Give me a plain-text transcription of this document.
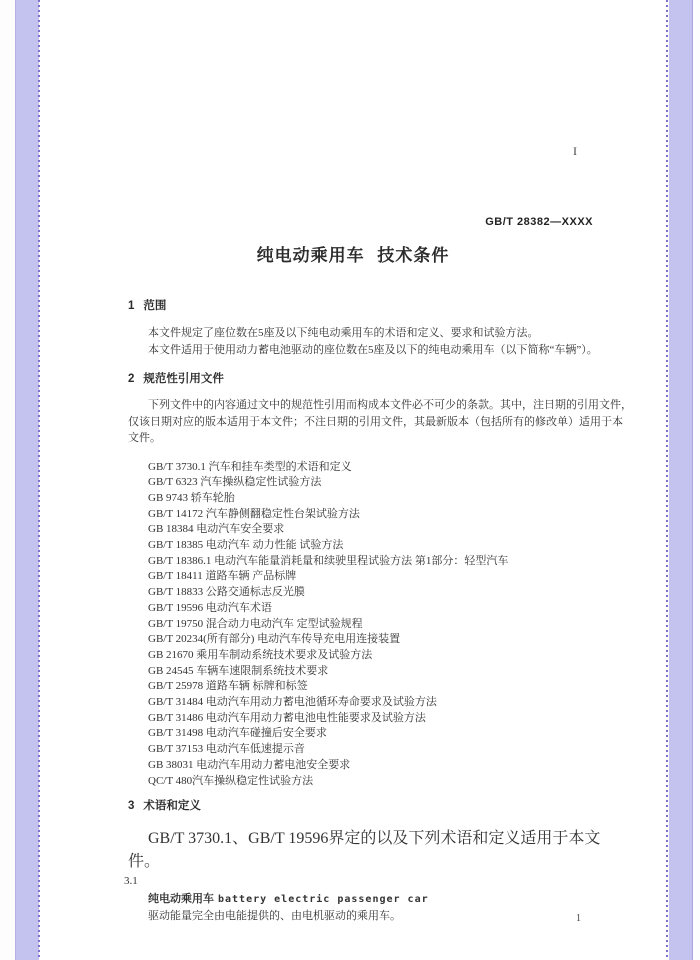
I
GB/T 28382—XXXX
纯电动乘用车 技术条件
1 范围
本文件规定了座位数在5座及以下纯电动乘用车的术语和定义、要求和试验方法。
本文件适用于使用动力蓄电池驱动的座位数在5座及以下的纯电动乘用车（以下简称“车辆”）。
2 规范性引用文件
下列文件中的内容通过文中的规范性引用而构成本文件必不可少的条款。其中，注日期的引用文件，
仅该日期对应的版本适用于本文件；不注日期的引用文件，其最新版本（包括所有的修改单）适用于本
文件。
GB/T 3730.1 汽车和挂车类型的术语和定义
GB/T 6323 汽车操纵稳定性试验方法
GB 9743 轿车轮胎
GB/T 14172 汽车静侧翻稳定性台架试验方法
GB 18384 电动汽车安全要求
GB/T 18385 电动汽车 动力性能 试验方法
GB/T 18386.1 电动汽车能量消耗量和续驶里程试验方法 第1部分：轻型汽车
GB/T 18411 道路车辆 产品标牌
GB/T 18833 公路交通标志反光膜
GB/T 19596 电动汽车术语
GB/T 19750 混合动力电动汽车 定型试验规程
GB/T 20234(所有部分) 电动汽车传导充电用连接装置
GB 21670 乘用车制动系统技术要求及试验方法
GB 24545 车辆车速限制系统技术要求
GB/T 25978 道路车辆 标牌和标签
GB/T 31484 电动汽车用动力蓄电池循环寿命要求及试验方法
GB/T 31486 电动汽车用动力蓄电池电性能要求及试验方法
GB/T 31498 电动汽车碰撞后安全要求
GB/T 37153 电动汽车低速提示音
GB 38031 电动汽车用动力蓄电池安全要求
QC/T 480汽车操纵稳定性试验方法
3 术语和定义
GB/T 3730.1、GB/T 19596界定的以及下列术语和定义适用于本文件。
3.1
纯电动乘用车 battery electric passenger car
驱动能量完全由电能提供的、由电机驱动的乘用车。	1
